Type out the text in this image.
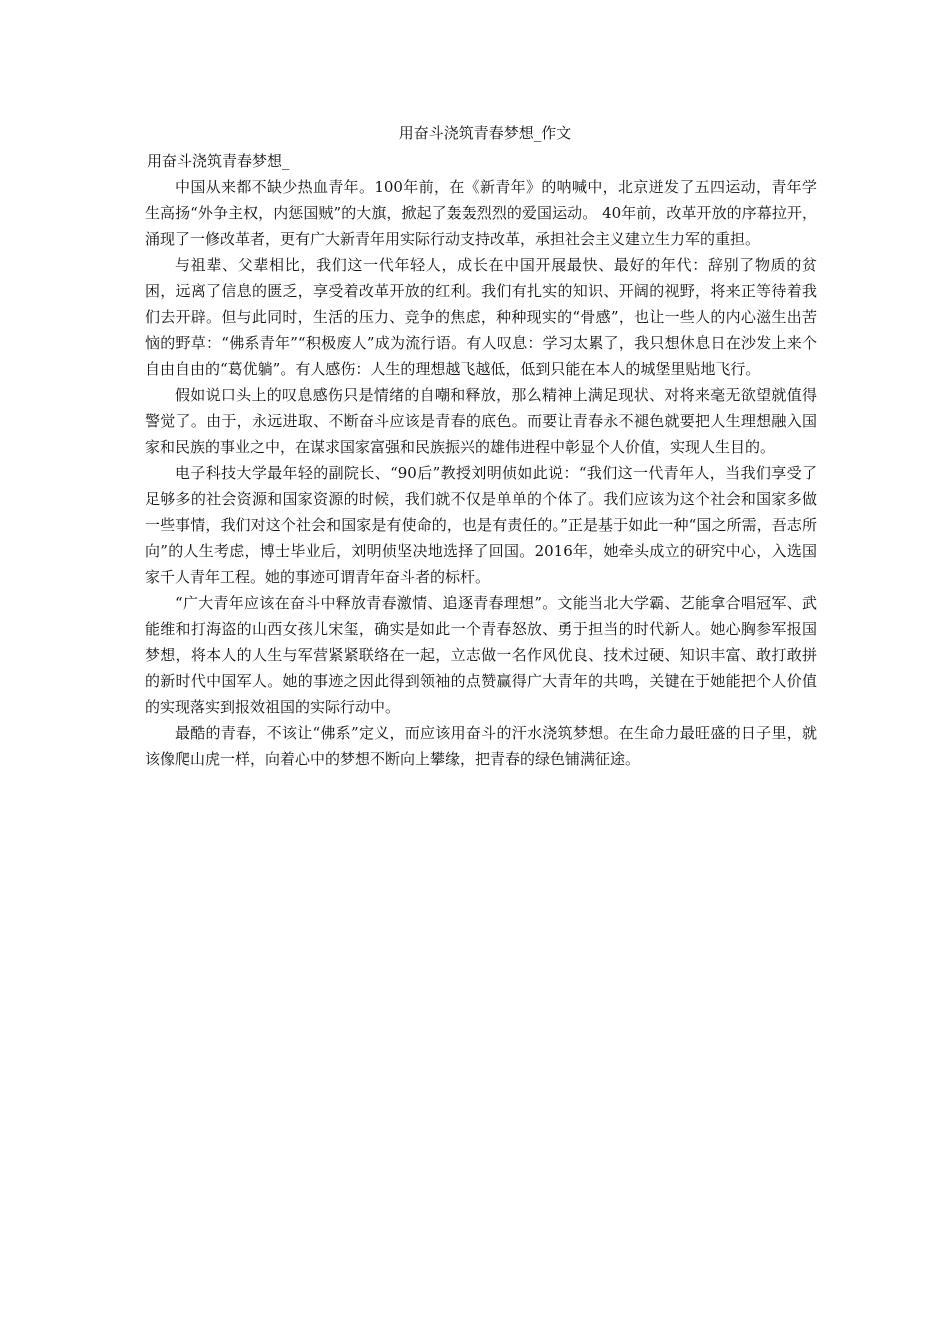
用奋斗浇筑青春梦想_作文
用奋斗浇筑青春梦想_

中国从来都不缺少热血青年。100年前，在《新青年》的呐喊中，北京迸发了五四运动，青年学生高扬“外争主权，内惩国贼”的大旗，掀起了轰轰烈烈的爱国运动。 40年前，改革开放的序幕拉开，涌现了一修改革者，更有广大新青年用实际行动支持改革，承担社会主义建立生力军的重担。

与祖辈、父辈相比，我们这一代年轻人，成长在中国开展最快、最好的年代：辞别了物质的贫困，远离了信息的匮乏，享受着改革开放的红利。我们有扎实的知识、开阔的视野，将来正等待着我们去开辟。但与此同时，生活的压力、竞争的焦虑，种种现实的“骨感”，也让一些人的内心滋生出苦恼的野草：“佛系青年”“积极废人”成为流行语。有人叹息：学习太累了，我只想休息日在沙发上来个自由自由的“葛优躺”。有人感伤：人生的理想越飞越低，低到只能在本人的城堡里贴地飞行。

假如说口头上的叹息感伤只是情绪的自嘲和释放，那么精神上满足现状、对将来毫无欲望就值得警觉了。由于，永远进取、不断奋斗应该是青春的底色。而要让青春永不褪色就要把人生理想融入国家和民族的事业之中，在谋求国家富强和民族振兴的雄伟进程中彰显个人价值，实现人生目的。

电子科技大学最年轻的副院长、“90后”教授刘明侦如此说：“我们这一代青年人，当我们享受了足够多的社会资源和国家资源的时候，我们就不仅是单单的个体了。我们应该为这个社会和国家多做一些事情，我们对这个社会和国家是有使命的，也是有责任的。”正是基于如此一种“国之所需，吾志所向”的人生考虑，博士毕业后，刘明侦坚决地选择了回国。2016年，她牵头成立的研究中心，入选国家千人青年工程。她的事迹可谓青年奋斗者的标杆。

“广大青年应该在奋斗中释放青春激情、追逐青春理想”。文能当北大学霸、艺能拿合唱冠军、武能维和打海盗的山西女孩儿宋玺，确实是如此一个青春怒放、勇于担当的时代新人。她心胸参军报国梦想，将本人的人生与军营紧紧联络在一起，立志做一名作风优良、技术过硬、知识丰富、敢打敢拼的新时代中国军人。她的事迹之因此得到领袖的点赞赢得广大青年的共鸣，关键在于她能把个人价值的实现落实到报效祖国的实际行动中。

最酷的青春，不该让“佛系”定义，而应该用奋斗的汗水浇筑梦想。在生命力最旺盛的日子里，就该像爬山虎一样，向着心中的梦想不断向上攀缘，把青春的绿色铺满征途。
